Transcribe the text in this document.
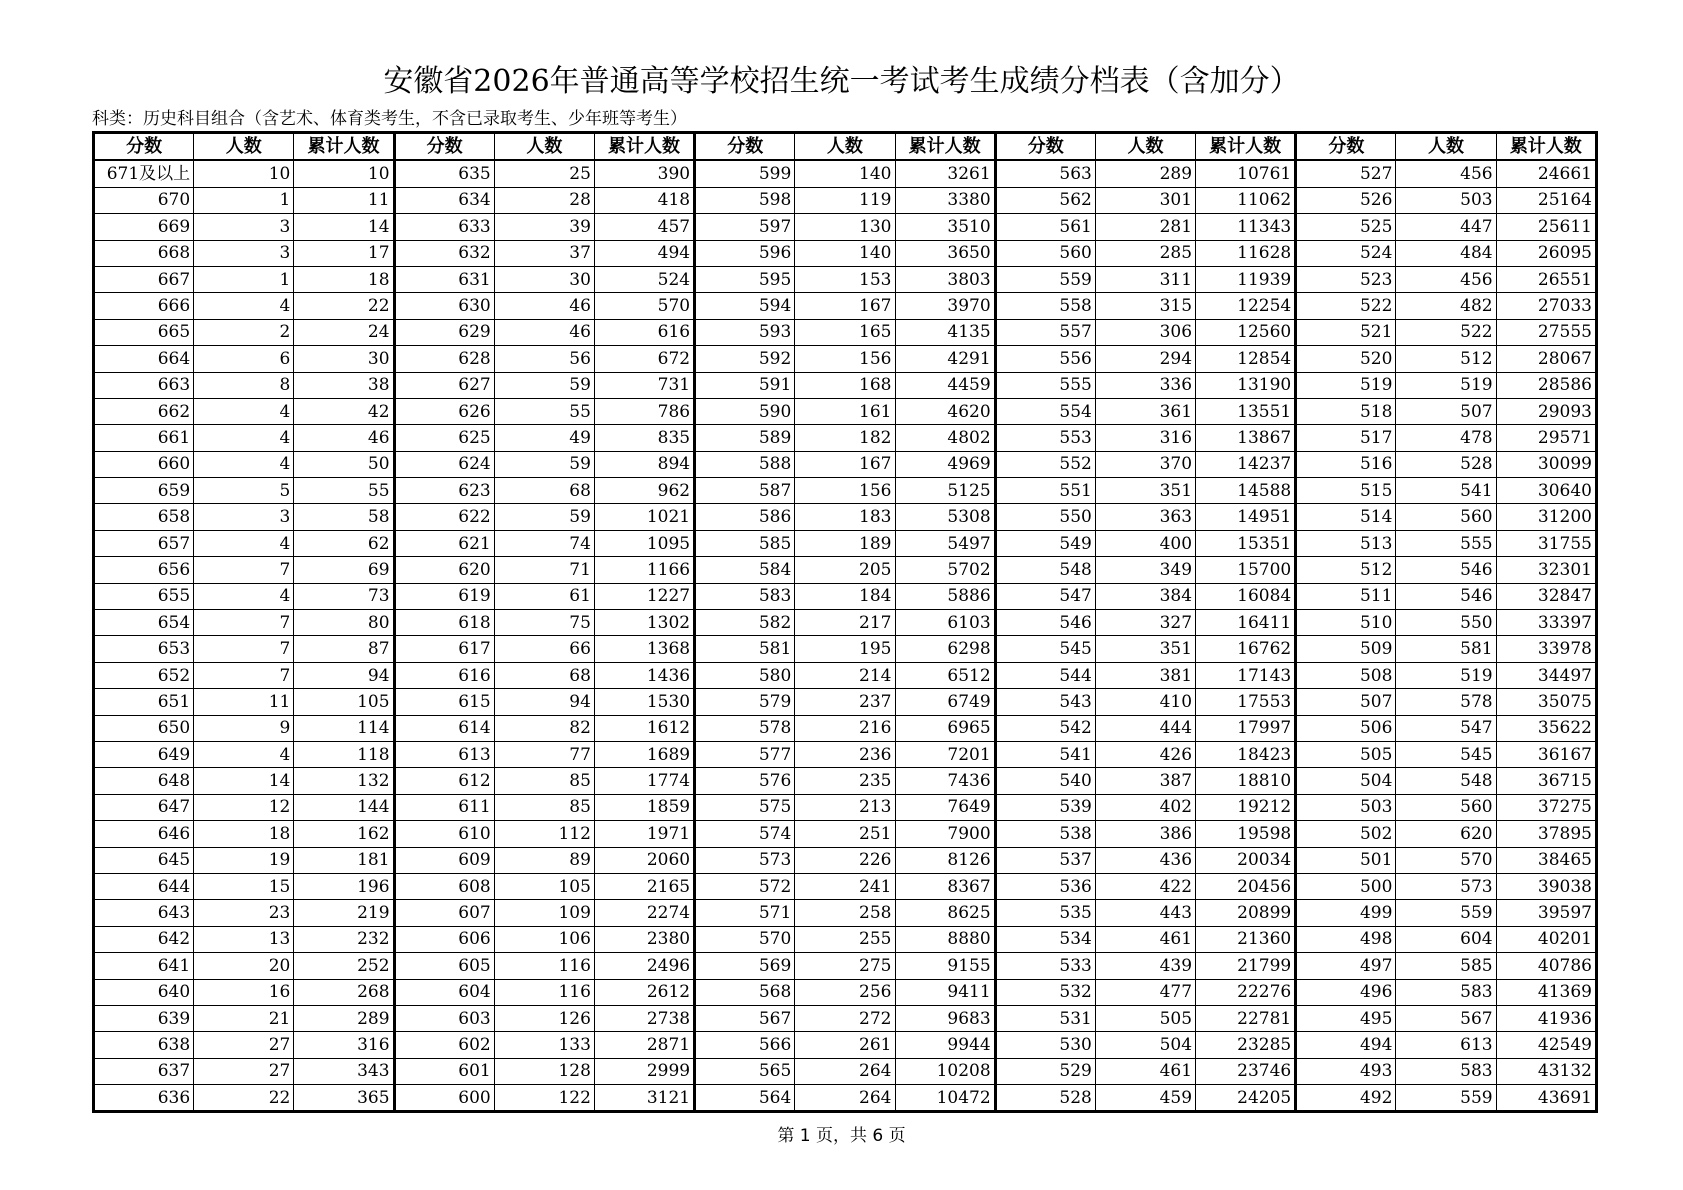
安徽省2026年普通高等学校招生统一考试考生成绩分档表（含加分）
科类：历史科目组合（含艺术、体育类考生，不含已录取考生、少年班等考生）
分数	人数	累计人数	分数	人数	累计人数	分数	人数	累计人数	分数	人数	累计人数	分数	人数	累计人数
671及以上	10	10	635	25	390	599	140	3261	563	289	10761	527	456	24661
670	1	11	634	28	418	598	119	3380	562	301	11062	526	503	25164
669	3	14	633	39	457	597	130	3510	561	281	11343	525	447	25611
668	3	17	632	37	494	596	140	3650	560	285	11628	524	484	26095
667	1	18	631	30	524	595	153	3803	559	311	11939	523	456	26551
666	4	22	630	46	570	594	167	3970	558	315	12254	522	482	27033
665	2	24	629	46	616	593	165	4135	557	306	12560	521	522	27555
664	6	30	628	56	672	592	156	4291	556	294	12854	520	512	28067
663	8	38	627	59	731	591	168	4459	555	336	13190	519	519	28586
662	4	42	626	55	786	590	161	4620	554	361	13551	518	507	29093
661	4	46	625	49	835	589	182	4802	553	316	13867	517	478	29571
660	4	50	624	59	894	588	167	4969	552	370	14237	516	528	30099
659	5	55	623	68	962	587	156	5125	551	351	14588	515	541	30640
658	3	58	622	59	1021	586	183	5308	550	363	14951	514	560	31200
657	4	62	621	74	1095	585	189	5497	549	400	15351	513	555	31755
656	7	69	620	71	1166	584	205	5702	548	349	15700	512	546	32301
655	4	73	619	61	1227	583	184	5886	547	384	16084	511	546	32847
654	7	80	618	75	1302	582	217	6103	546	327	16411	510	550	33397
653	7	87	617	66	1368	581	195	6298	545	351	16762	509	581	33978
652	7	94	616	68	1436	580	214	6512	544	381	17143	508	519	34497
651	11	105	615	94	1530	579	237	6749	543	410	17553	507	578	35075
650	9	114	614	82	1612	578	216	6965	542	444	17997	506	547	35622
649	4	118	613	77	1689	577	236	7201	541	426	18423	505	545	36167
648	14	132	612	85	1774	576	235	7436	540	387	18810	504	548	36715
647	12	144	611	85	1859	575	213	7649	539	402	19212	503	560	37275
646	18	162	610	112	1971	574	251	7900	538	386	19598	502	620	37895
645	19	181	609	89	2060	573	226	8126	537	436	20034	501	570	38465
644	15	196	608	105	2165	572	241	8367	536	422	20456	500	573	39038
643	23	219	607	109	2274	571	258	8625	535	443	20899	499	559	39597
642	13	232	606	106	2380	570	255	8880	534	461	21360	498	604	40201
641	20	252	605	116	2496	569	275	9155	533	439	21799	497	585	40786
640	16	268	604	116	2612	568	256	9411	532	477	22276	496	583	41369
639	21	289	603	126	2738	567	272	9683	531	505	22781	495	567	41936
638	27	316	602	133	2871	566	261	9944	530	504	23285	494	613	42549
637	27	343	601	128	2999	565	264	10208	529	461	23746	493	583	43132
636	22	365	600	122	3121	564	264	10472	528	459	24205	492	559	43691
第 1 页，共 6 页
